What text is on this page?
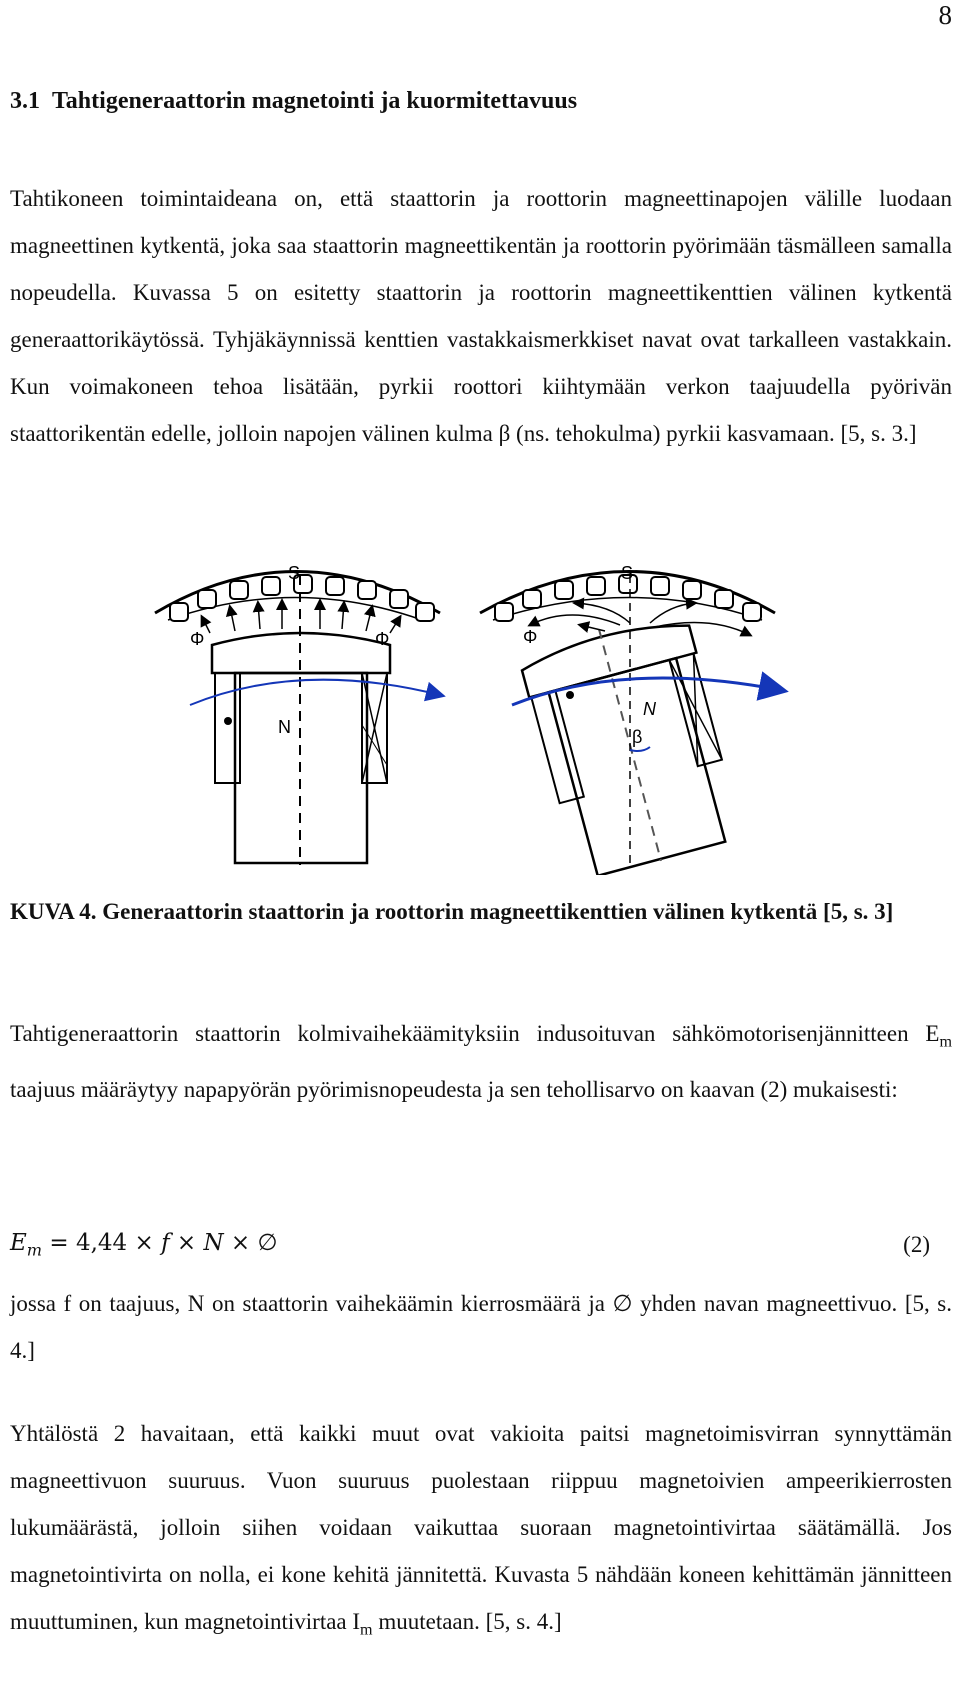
8
3.1 Tahtigeneraattorin magnetointi ja kuormitettavuus
Tahtikoneen toimintaideana on, että staattorin ja roottorin magneettinapojen välille luodaan magneettinen kytkentä, joka saa staattorin magneettikentän ja roottorin pyörimään täsmälleen samalla nopeudella. Kuvassa 5 on esitetty staattorin ja roottorin magneettikenttien välinen kytkentä generaattorikäytössä. Tyhjäkäynnissä kenttien vastakkaismerkkiset navat ovat tarkalleen vastakkain. Kun voimakoneen tehoa lisätään, pyrkii roottori kiihtymään verkon taajuudella pyörivän staattorikentän edelle, jolloin napojen välinen kulma β (ns. tehokulma) pyrkii kasvamaan. [5, s. 3.]
S
N
Φ	Φ
S
N
Φ
β
KUVA 4. Generaattorin staattorin ja roottorin magneettikenttien välinen kytkentä [5, s. 3]
Tahtigeneraattorin staattorin kolmivaihekäämityksiin indusoituvan sähkömotorisenjännitteen $E_m$ taajuus määräytyy napapyörän pyörimisnopeudesta ja sen tehollisarvo on kaavan (2) mukaisesti:
$E_m = 4,44 \times f \times N$ × ∅	(2)
jossa f on taajuus, N on staattorin vaihekäämin kierrosmäärä ja ∅ yhden navan magneettivuo. [5, s. 4.]
Yhtälöstä 2 havaitaan, että kaikki muut ovat vakioita paitsi magnetoimisvirran synnyttämän magneettivuon suuruus. Vuon suuruus puolestaan riippuu magnetoivien ampeerikierrosten lukumäärästä, jolloin siihen voidaan vaikuttaa suoraan magnetointivirtaa säätämällä. Jos magnetointivirta on nolla, ei kone kehitä jännitettä. Kuvasta 5 nähdään koneen kehittämän jännitteen muuttuminen, kun magnetointivirtaa $I_m$ muutetaan. [5, s. 4.]
